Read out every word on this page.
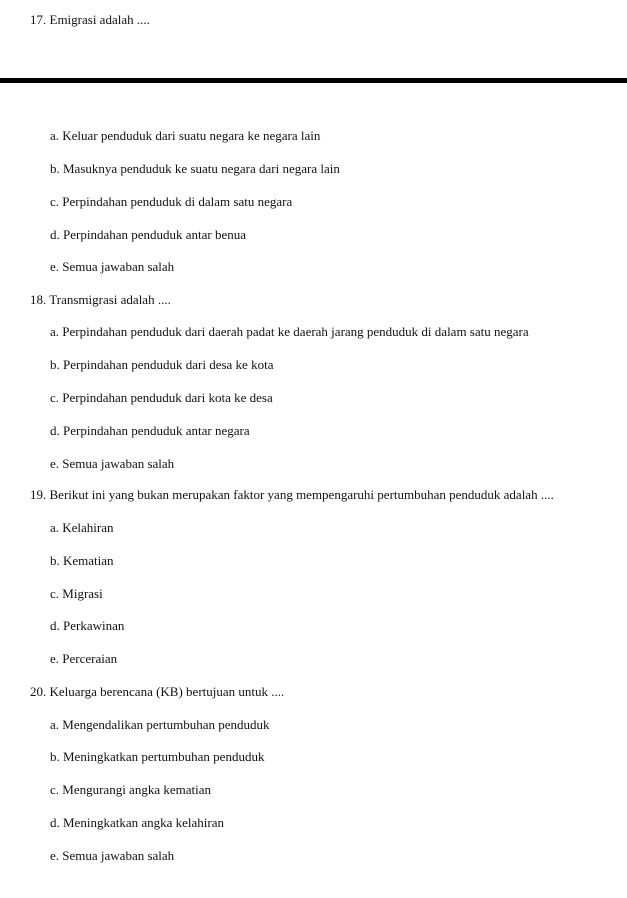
17. Emigrasi adalah ....
a. Keluar penduduk dari suatu negara ke negara lain
b. Masuknya penduduk ke suatu negara dari negara lain
c. Perpindahan penduduk di dalam satu negara
d. Perpindahan penduduk antar benua
e. Semua jawaban salah
18. Transmigrasi adalah ....
a. Perpindahan penduduk dari daerah padat ke daerah jarang penduduk di dalam satu negara
b. Perpindahan penduduk dari desa ke kota
c. Perpindahan penduduk dari kota ke desa
d. Perpindahan penduduk antar negara
e. Semua jawaban salah
19. Berikut ini yang bukan merupakan faktor yang mempengaruhi pertumbuhan penduduk adalah ....
a. Kelahiran
b. Kematian
c. Migrasi
d. Perkawinan
e. Perceraian
20. Keluarga berencana (KB) bertujuan untuk ....
a. Mengendalikan pertumbuhan penduduk
b. Meningkatkan pertumbuhan penduduk
c. Mengurangi angka kematian
d. Meningkatkan angka kelahiran
e. Semua jawaban salah
